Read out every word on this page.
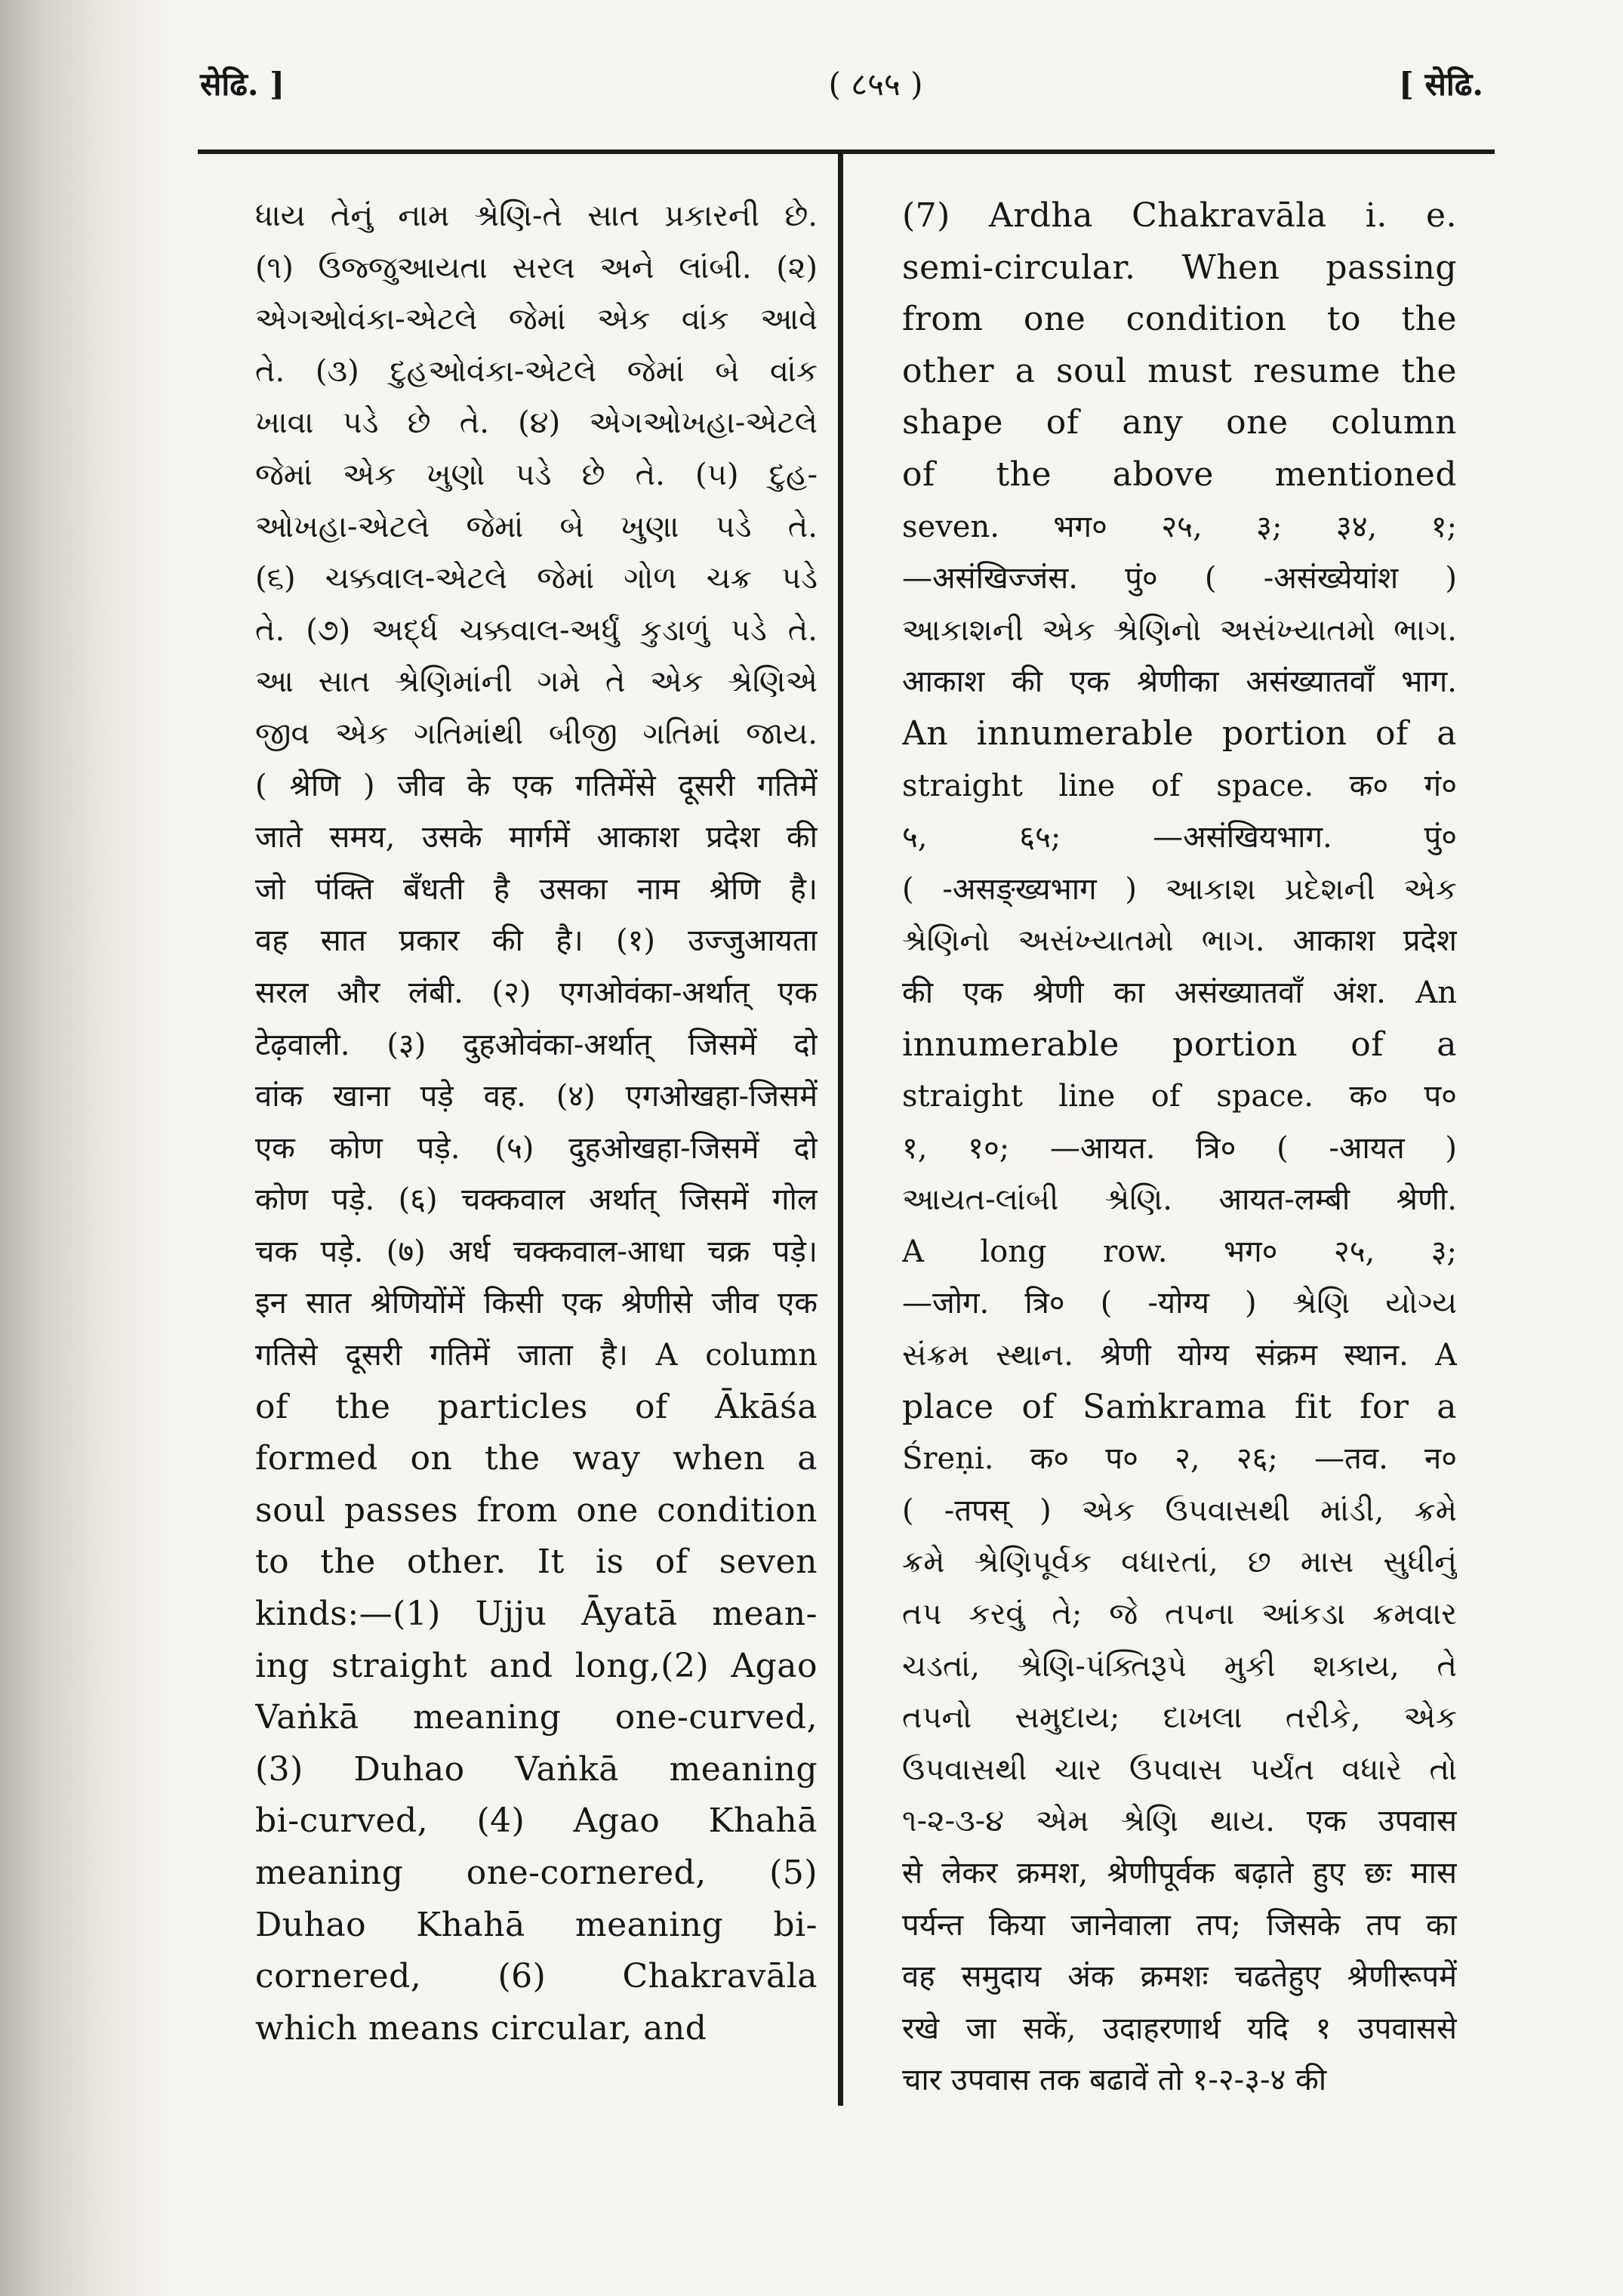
सेढि. ]	( ८५५ )	[ सेढि.
ધાય તેનું નામ શ્રેણિ-તે સાત પ્રકારની છે.
(૧) ઉજ્જુઆયતા સરલ અને લાંબી. (૨)
એગઓવંકા-એટલે જેમાં એક વાંક આવે
તે. (૩) દુહઓવંકા-એટલે જેમાં બે વાંક
ખાવા પડે છે તે. (૪) એગઓખહા-એટલે
જેમાં એક ખુણો પડે છે તે. (૫) દુહ-
ઓખહા-એટલે જેમાં બે ખુણા પડે તે.
(૬) ચક્કવાલ-એટલે જેમાં ગોળ ચક્ર પડે
તે. (૭) અર્દ્ધ ચક્કવાલ-અર્ધું કુડાળું પડે તે.
આ સાત શ્રેણિમાંની ગમે તે એક શ્રેણિએ
જીવ એક ગતિમાંથી બીજી ગતિમાં જાય.
( श्रेणि ) जीव के एक गतिमेंसे दूसरी गतिमें
जाते समय, उसके मार्गमें आकाश प्रदेश की
जो पंक्ति बँधती है उसका नाम श्रेणि है।
वह सात प्रकार की है। (१) उज्जुआयता
सरल और लंबी. (२) एगओवंका-अर्थात् एक
टेढ़वाली. (३) दुहओवंका-अर्थात् जिसमें दो
वांक खाना पड़े वह. (४) एगओखहा-जिसमें
एक कोण पड़े. (५) दुहओखहा-जिसमें दो
कोण पड़े. (६) चक्कवाल अर्थात् जिसमें गोल
चक पड़े. (७) अर्ध चक्कवाल-आधा चक्र पड़े।
इन सात श्रेणियोंमें किसी एक श्रेणीसे जीव एक
गतिसे दूसरी गतिमें जाता है। A column
of the particles of Ākāśa
formed on the way when a
soul passes from one condition
to the other. It is of seven
kinds:—(1) Ujju Āyatā mean-
ing straight and long,(2) Agao
Vaṅkā meaning one-curved,
(3) Duhao Vaṅkā meaning
bi-curved, (4) Agao Khahā
meaning one-cornered, (5)
Duhao Khahā meaning bi-
cornered, (6) Chakravāla
which means circular, and
(7) Ardha Chakravāla i. e.
semi-circular. When passing
from one condition to the
other a soul must resume the
shape of any one column
of the above mentioned
seven. भग० २५, ३; ३४, १;
—असंखिज्जंस. पुं० ( -असंख्येयांश )
આકાશની એક શ્રેણિનો અસંખ્યાતમો ભાગ.
आकाश की एक श्रेणीका असंख्यातवाँ भाग.
An innumerable portion of a
straight line of space. क० गं०
५, ६५; —असंखियभाग. पुं०
( -असङ्ख्यभाग ) આકાશ પ્રદેશની એક
શ્રેણિનો અસંખ્યાતમો ભાગ. आकाश प्रदेश
की एक श्रेणी का असंख्यातवाँ अंश. An
innumerable portion of a
straight line of space. क० प०
१, १०; —आयत. त्रि० ( -आयत )
આયત-લાંબી શ્રેણિ. आयत-लम्बी श्रेणी.
A long row. भग० २५, ३;
—जोग. त्रि० ( -योग्य ) શ્રેણિ યોગ્ય
સંક્રમ સ્થાન. श्रेणी योग्य संक्रम स्थान. A
place of Saṁkrama fit for a
Śreṇi. क० प० २, २६; —तव. न०
( -तपस् ) એક ઉપવાસથી માંડી, ક્રમે
ક્રમે શ્રેણિપૂર્વક વધારતાં, છ માસ સુધીનું
તપ કરવું તે; જે તપના આંકડા ક્રમવાર
ચડતાં, શ્રેણિ-પંક્તિરૂપે મુકી શકાય, તે
તપનો સમુદાય; દાખલા તરીકે, એક
ઉપવાસથી ચાર ઉપવાસ પર્યંત વધારે તો
૧-૨-૩-૪ એમ શ્રેણિ થાય. एक उपवास
से लेकर क्रमश, श्रेणीपूर्वक बढ़ाते हुए छः मास
पर्यन्त किया जानेवाला तप; जिसके तप का
वह समुदाय अंक क्रमशः चढतेहुए श्रेणीरूपमें
रखे जा सकें, उदाहरणार्थ यदि १ उपवाससे
चार उपवास तक बढावें तो १-२-३-४ की
